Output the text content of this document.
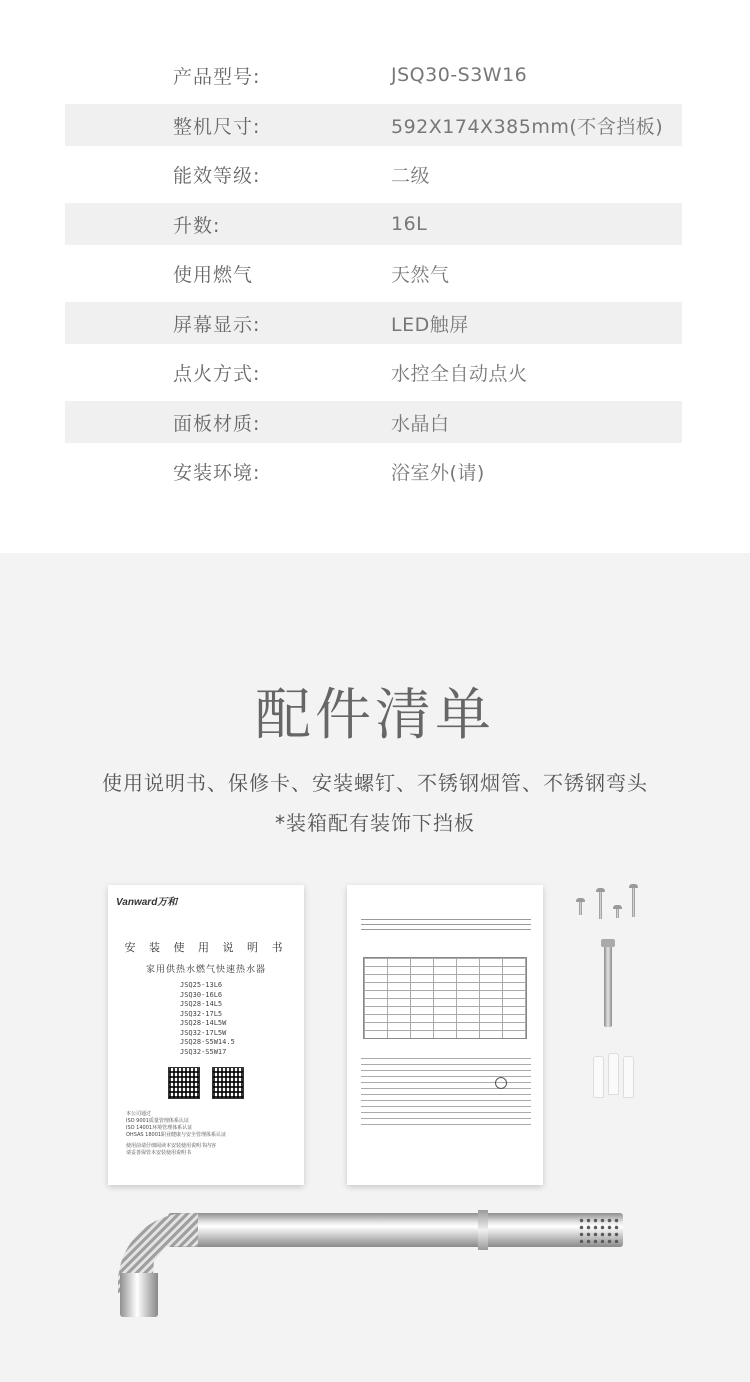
产品型号:	JSQ30-S3W16
整机尺寸:	592X174X385mm(不含挡板)
能效等级:	二级
升数:	16L
使用燃气	天然气
屏幕显示:	LED触屏
点火方式:	水控全自动点火
面板材质:	水晶白
安装环境:	浴室外(请)
配件清单
使用说明书、保修卡、安装螺钉、不锈钢烟管、不锈钢弯头
*装箱配有装饰下挡板
Vanward万和
安 装 使 用 说 明 书
家用供热水燃气快速热水器
JSQ25-13L6
JSQ30-16L6
JSQ28-14L5
JSQ32-17L5
JSQ28-14L5W
JSQ32-17L5W
JSQ28-S5W14.5
JSQ32-S5W17
本公司通过
ISO 9001质量管理体系认证
ISO 14001环境管理体系认证
OHSAS 18001职业健康与安全管理体系认证
使用前请仔细阅读本安装使用说明书内容
请妥善保管本安装使用说明书
